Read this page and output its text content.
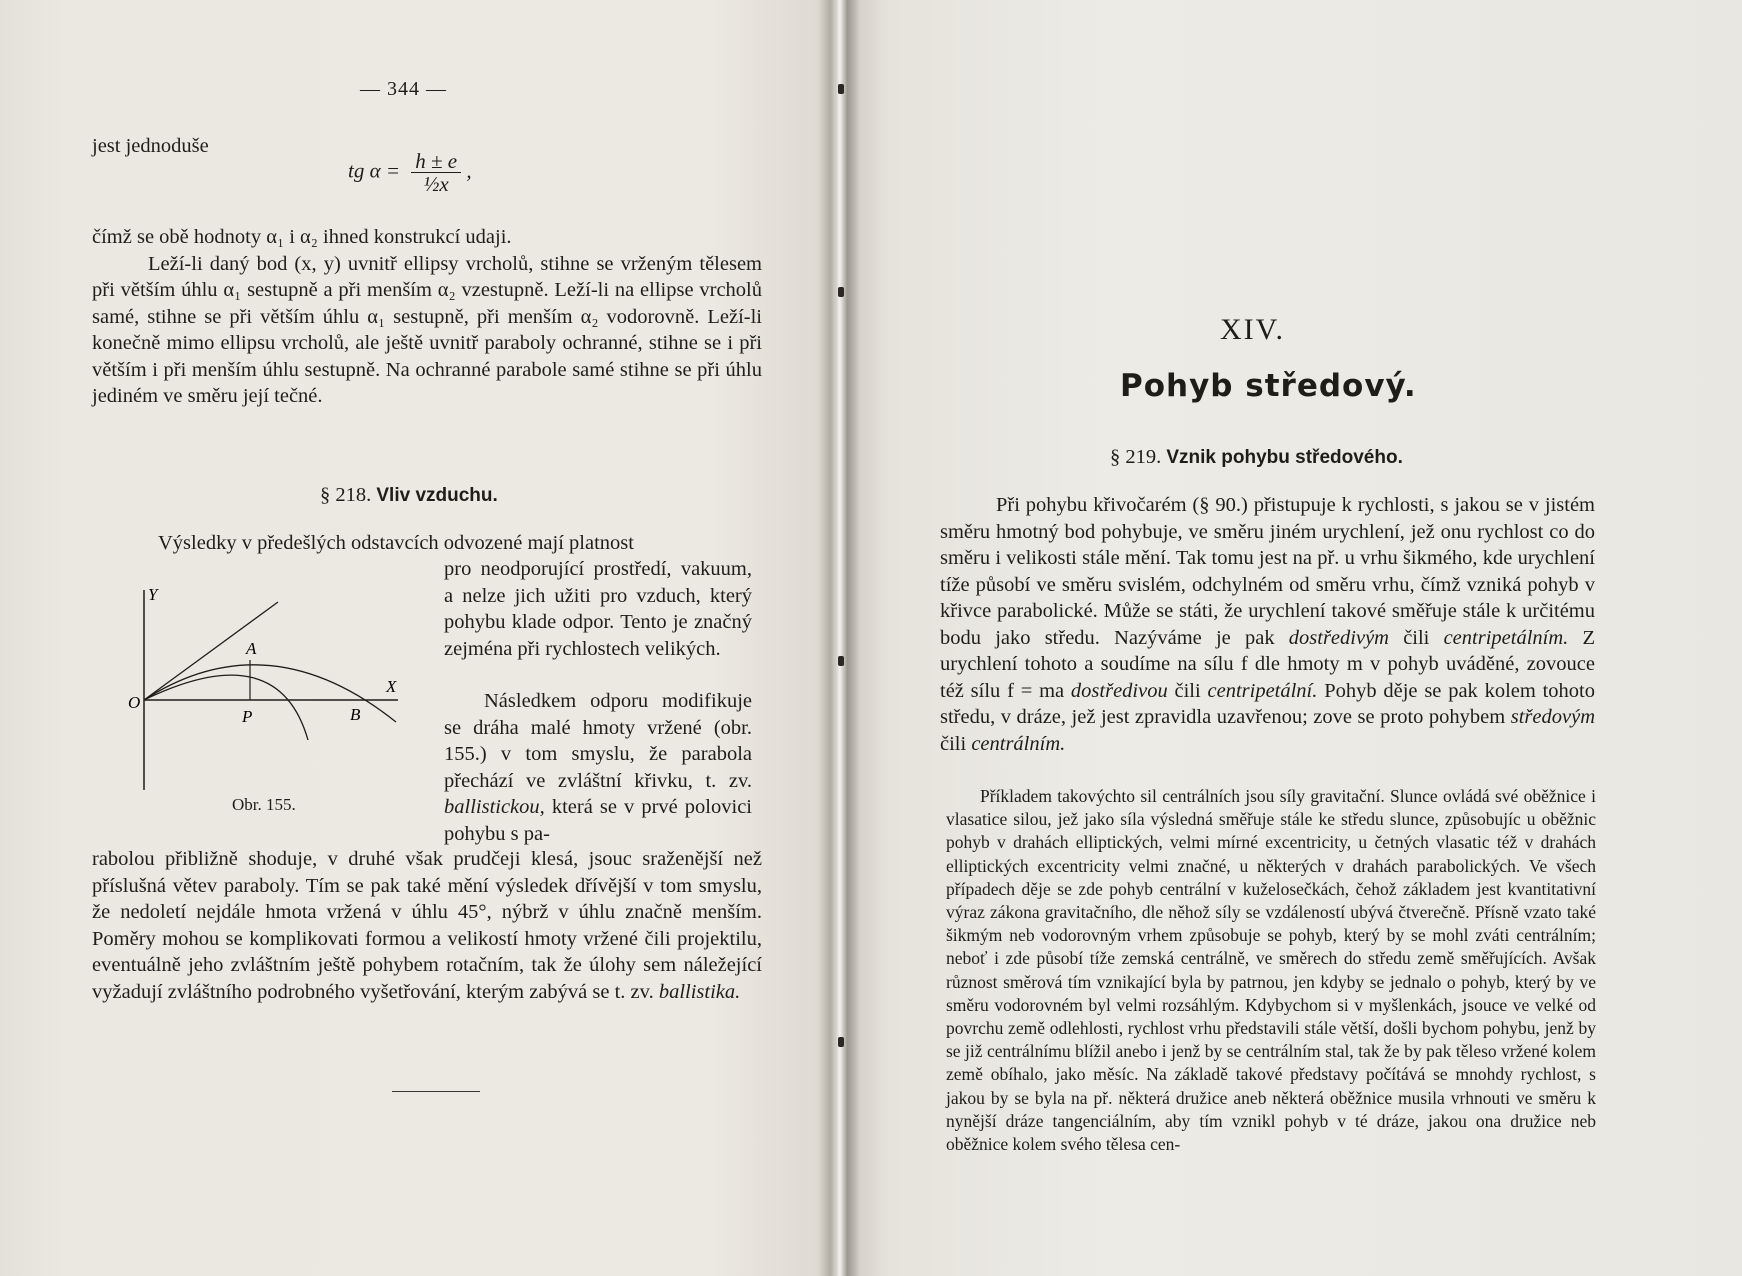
— 344 —
jest jednoduše
tg $\alpha = \frac{h \pm e}{\text{½x}}$ ,

čímž se obě hodnoty α₁ i α₂ ihned konstrukcí udaji.

Leží-li daný bod (x, y) uvnitř ellipsy vrcholů, stihne se vrženým tělesem při větším úhlu α₁ sestupně a při menším α₂ vzestupně. Leží-li na ellipse vrcholů samé, stihne se při větším úhlu α₁ sestupně, při menším α₂ vodorovně. Leží-li konečně mimo ellipsu vrcholů, ale ještě uvnitř paraboly ochranné, stihne se i při větším i při menším úhlu sestupně. Na ochranné parabole samé stihne se při úhlu jediném ve směru její tečné.

§ 218. Vliv vzduchu.

Výsledky v předešlých odstavcích odvozené mají platnost

pro neodporující prostředí, vakuum, a nelze jich užiti pro vzduch, který pohybu klade odpor. Tento je značný zejména při rychlostech velikých.

Následkem odporu modifikuje se dráha malé hmoty vržené (obr. 155.) v tom smyslu, že parabola přechází ve zvláštní křivku, t. zv. ballistickou, která se v prvé polovici pohybu s pa-

Y
O
A
P	B
X
Obr. 155.

rabolou přibližně shoduje, v druhé však prudčeji klesá, jsouc sraženější než příslušná větev paraboly. Tím se pak také mění výsledek dřívější v tom smyslu, že nedoletí nejdále hmota vržená v úhlu 45°, nýbrž v úhlu značně menším. Poměry mohou se komplikovati formou a velikostí hmoty vržené čili projektilu, eventuálně jeho zvláštním ještě pohybem rotačním, tak že úlohy sem náležející vyžadují zvláštního podrobného vyšetřování, kterým zabývá se t. zv. ballistika.

XIV.
Pohyb středový.
§ 219. Vznik pohybu středového.

Při pohybu křivočarém (§ 90.) přistupuje k rychlosti, s jakou se v jistém směru hmotný bod pohybuje, ve směru jiném urychlení, jež onu rychlost co do směru i velikosti stále mění. Tak tomu jest na př. u vrhu šikmého, kde urychlení tíže působí ve směru svislém, odchylném od směru vrhu, čímž vzniká pohyb v křivce parabolické. Může se státi, že urychlení takové směřuje stále k určitému bodu jako středu. Nazýváme je pak dostředivým čili centripetálním. Z urychlení tohoto a soudíme na sílu f dle hmoty m v pohyb uváděné, zovouce též sílu f = ma dostředivou čili centripetální. Pohyb děje se pak kolem tohoto středu, v dráze, jež jest zpravidla uzavřenou; zove se proto pohybem středovým čili centrálním.

Příkladem takovýchto sil centrálních jsou síly gravitační. Slunce ovládá své oběžnice i vlasatice silou, jež jako síla výsledná směřuje stále ke středu slunce, způsobujíc u oběžnic pohyb v drahách elliptických, velmi mírné excentricity, u četných vlasatic též v drahách elliptických excentricity velmi značné, u některých v drahách parabolických. Ve všech případech děje se zde pohyb centrální v kuželosečkách, čehož základem jest kvantitativní výraz zákona gravitačního, dle něhož síly se vzdáleností ubývá čtverečně. Přísně vzato také šikmým neb vodorovným vrhem způsobuje se pohyb, který by se mohl zváti centrálním; neboť i zde působí tíže zemská centrálně, ve směrech do středu země směřujících. Avšak různost směrová tím vznikající byla by patrnou, jen kdyby se jednalo o pohyb, který by ve směru vodorovném byl velmi rozsáhlým. Kdybychom si v myšlenkách, jsouce ve velké od povrchu země odlehlosti, rychlost vrhu představili stále větší, došli bychom pohybu, jenž by se již centrálnímu blížil anebo i jenž by se centrálním stal, tak že by pak těleso vržené kolem země obíhalo, jako měsíc. Na základě takové představy počítává se mnohdy rychlost, s jakou by se byla na př. některá družice aneb některá oběžnice musila vrhnouti ve směru k nynější dráze tangenciálním, aby tím vznikl pohyb v té dráze, jakou ona družice neb oběžnice kolem svého tělesa cen-
